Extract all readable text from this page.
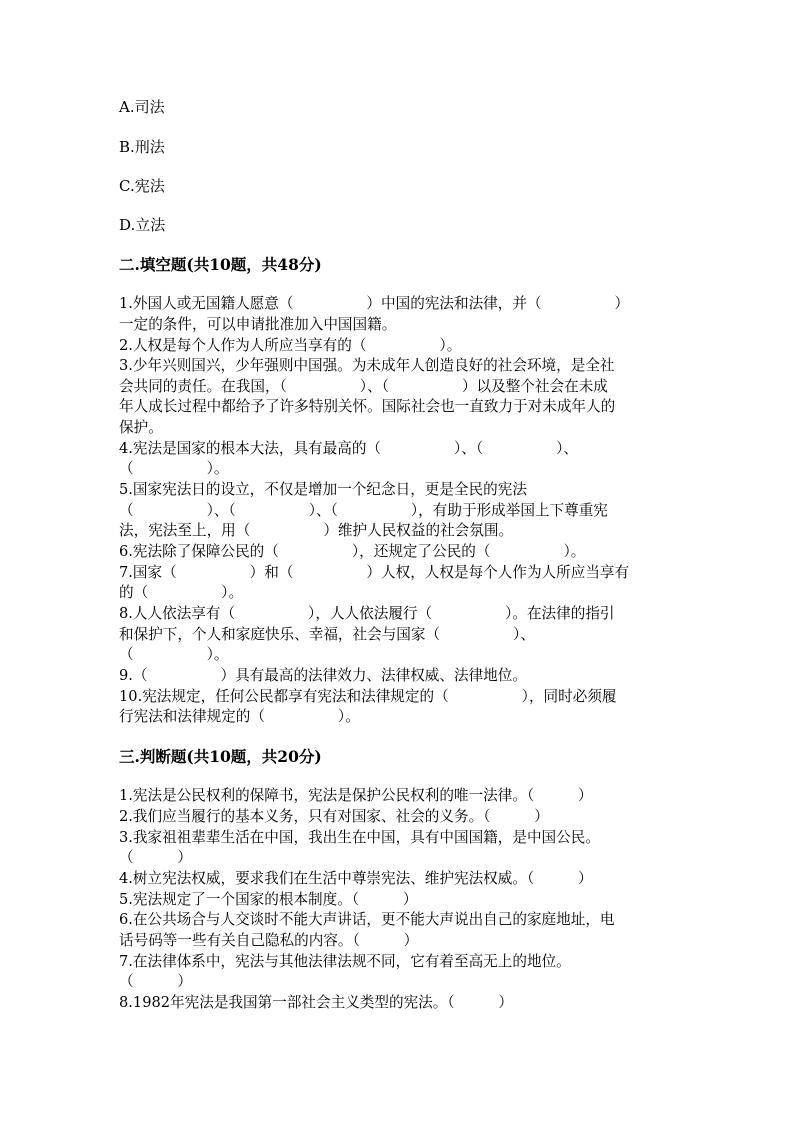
A.司法
B.刑法
C.宪法
D.立法
二.填空题(共10题，共48分)
1.外国人或无国籍人愿意（　　　　　）中国的宪法和法律，并（　　　　　）
一定的条件，可以申请批准加入中国国籍。
2.人权是每个人作为人所应当享有的（　　　　　）。
3.少年兴则国兴，少年强则中国强。为未成年人创造良好的社会环境，是全社
会共同的责任。在我国，（　　　　　）、（　　　　　）以及整个社会在未成
年人成长过程中都给予了许多特别关怀。国际社会也一直致力于对未成年人的
保护。
4.宪法是国家的根本大法，具有最高的（　　　　　）、（　　　　　）、
（　　　　　）。
5.国家宪法日的设立，不仅是增加一个纪念日，更是全民的宪法
（　　　　　）、（　　　　　）、（　　　　　），有助于形成举国上下尊重宪
法，宪法至上，用（　　　　　）维护人民权益的社会氛围。
6.宪法除了保障公民的（　　　　　），还规定了公民的（　　　　　）。
7.国家（　　　　　）和（　　　　　）人权，人权是每个人作为人所应当享有
的（　　　　　）。
8.人人依法享有（　　　　　），人人依法履行（　　　　　）。在法律的指引
和保护下，个人和家庭快乐、幸福，社会与国家（　　　　　）、
（　　　　　）。
9.（　　　　　）具有最高的法律效力、法律权威、法律地位。
10.宪法规定，任何公民都享有宪法和法律规定的（　　　　　），同时必须履
行宪法和法律规定的（　　　　　）。
三.判断题(共10题，共20分)
1.宪法是公民权利的保障书，宪法是保护公民权利的唯一法律。（　　　）
2.我们应当履行的基本义务，只有对国家、社会的义务。（　　　）
3.我家祖祖辈辈生活在中国，我出生在中国，具有中国国籍，是中国公民。
（　　　）
4.树立宪法权威，要求我们在生活中尊崇宪法、维护宪法权威。（　　　）
5.宪法规定了一个国家的根本制度。（　　　）
6.在公共场合与人交谈时不能大声讲话，更不能大声说出自己的家庭地址，电
话号码等一些有关自己隐私的内容。（　　　）
7.在法律体系中，宪法与其他法律法规不同，它有着至高无上的地位。
（　　　）
8.1982年宪法是我国第一部社会主义类型的宪法。（　　　）
